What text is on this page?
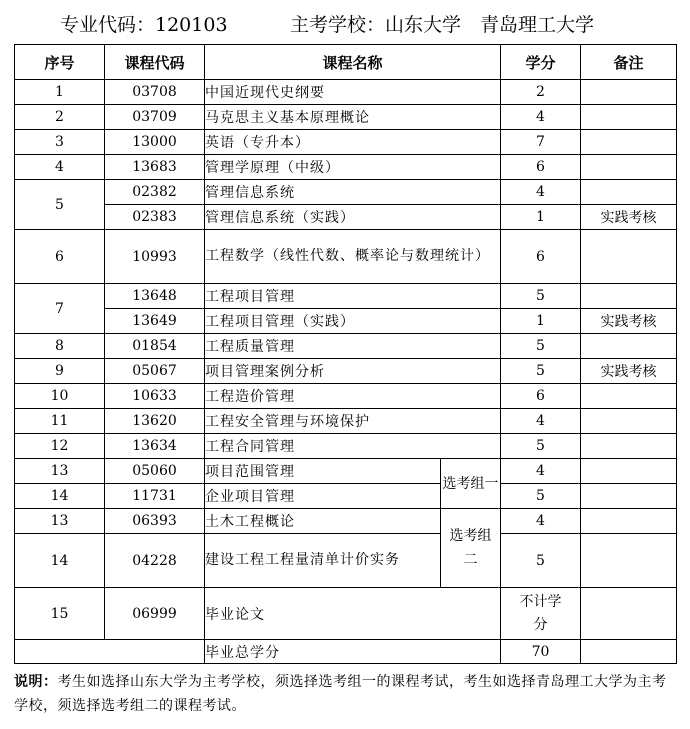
专业代码：120103	主考学校：山东大学　青岛理工大学
序号	课程代码	课程名称		学分	备注
1	03708	中国近现代史纲要		2	
2	03709	马克思主义基本原理概论		4	
3	13000	英语（专升本）		7	
4	13683	管理学原理（中级）		6	
5	02382	管理信息系统		4	
	02383	管理信息系统（实践）		1	实践考核
6	10993	工程数学（线性代数、概率论与数理统计）		6	
7	13648	工程项目管理		5	
	13649	工程项目管理（实践）		1	实践考核
8	01854	工程质量管理		5	
9	05067	项目管理案例分析		5	实践考核
10	10633	工程造价管理		6	
11	13620	工程安全管理与环境保护		4	
12	13634	工程合同管理		5	
13	05060	项目范围管理	选考组一	4	
14	11731	企业项目管理		5	
13	06393	土木工程概论	选考组二	4	
14	04228	建设工程工程量清单计价实务		5	
15	06999	毕业论文		不计学分	
		毕业总学分		70	
说明：考生如选择山东大学为主考学校，须选择选考组一的课程考试，考生如选择青岛理工大学为主考学校，须选择选考组二的课程考试。
